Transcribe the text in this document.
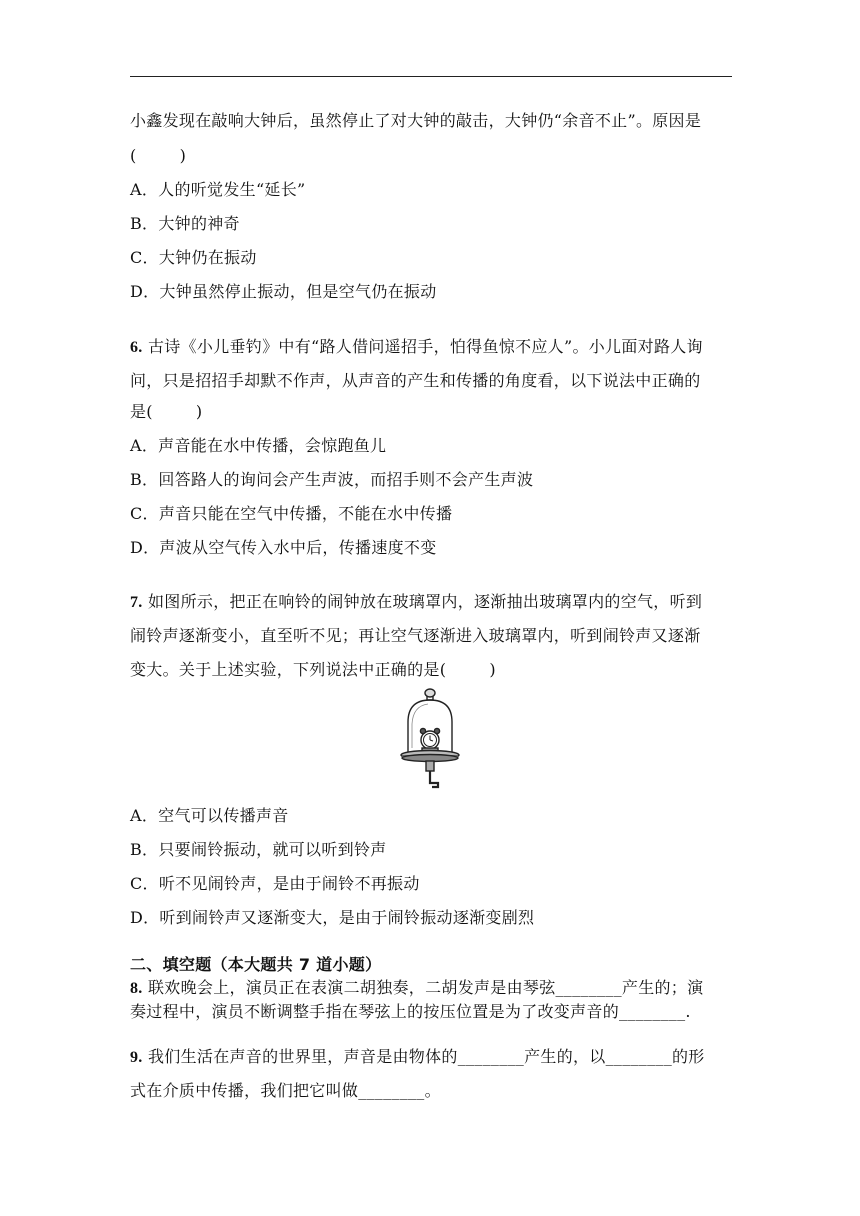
小鑫发现在敲响大钟后，虽然停止了对大钟的敲击，大钟仍“余音不止”。原因是
(        )
A．人的听觉发生“延长”
B．大钟的神奇
C．大钟仍在振动
D．大钟虽然停止振动，但是空气仍在振动
6. 古诗《小儿垂钓》中有“路人借问遥招手，怕得鱼惊不应人”。小儿面对路人询
问，只是招招手却默不作声，从声音的产生和传播的角度看，以下说法中正确的
是(        )
A．声音能在水中传播，会惊跑鱼儿
B．回答路人的询问会产生声波，而招手则不会产生声波
C．声音只能在空气中传播，不能在水中传播
D．声波从空气传入水中后，传播速度不变
7. 如图所示，把正在响铃的闹钟放在玻璃罩内，逐渐抽出玻璃罩内的空气，听到
闹铃声逐渐变小，直至听不见；再让空气逐渐进入玻璃罩内，听到闹铃声又逐渐
变大。关于上述实验，下列说法中正确的是(        )
A．空气可以传播声音
B．只要闹铃振动，就可以听到铃声
C．听不见闹铃声，是由于闹铃不再振动
D．听到闹铃声又逐渐变大，是由于闹铃振动逐渐变剧烈
二、填空题（本大题共 7 道小题）
8. 联欢晚会上，演员正在表演二胡独奏，二胡发声是由琴弦________产生的；演
奏过程中，演员不断调整手指在琴弦上的按压位置是为了改变声音的________.
9. 我们生活在声音的世界里，声音是由物体的________产生的，以________的形
式在介质中传播，我们把它叫做________。
